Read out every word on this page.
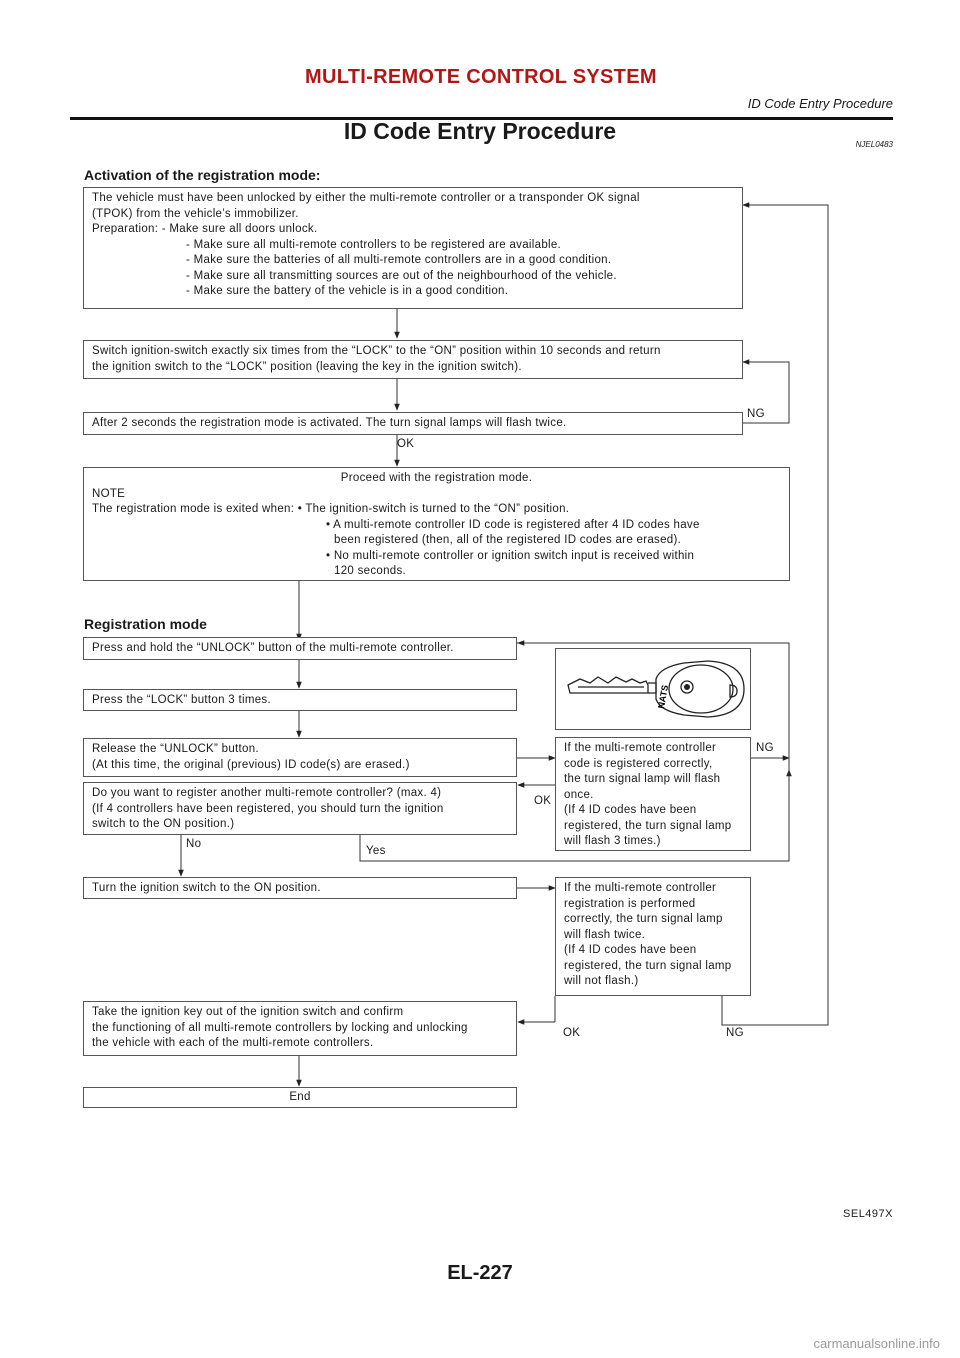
MULTI-REMOTE CONTROL SYSTEM
ID Code Entry Procedure
ID Code Entry Procedure
NJEL0483
Activation of the registration mode:

The vehicle must have been unlocked by either the multi-remote controller or a transponder OK signal

(TPOK) from the vehicle’s immobilizer.

Preparation: - Make sure all doors unlock.

- Make sure all multi-remote controllers to be registered are available.

- Make sure the batteries of all multi-remote controllers are in a good condition.

- Make sure all transmitting sources are out of the neighbourhood of the vehicle.

- Make sure the battery of the vehicle is in a good condition.

Switch ignition-switch exactly six times from the “LOCK” to the “ON” position within 10 seconds and return

the ignition switch to the “LOCK” position (leaving the key in the ignition switch).

After 2 seconds the registration mode is activated. The turn signal lamps will flash twice.

NG
OK

Proceed with the registration mode.

NOTE

The registration mode is exited when: • The ignition-switch is turned to the “ON” position.

• A multi-remote controller ID code is registered after 4 ID codes have

been registered (then, all of the registered ID codes are erased).

• No multi-remote controller or ignition switch input is received within

120 seconds.

Registration mode

Press and hold the “UNLOCK” button of the multi-remote controller.

Press the “LOCK” button 3 times.

Release the “UNLOCK” button.

(At this time, the original (previous) ID code(s) are erased.)

Do you want to register another multi-remote controller? (max. 4)

(If 4 controllers have been registered, you should turn the ignition

switch to the ON position.)

No
Yes
OK
NG
NATS

If the multi-remote controller

code is registered correctly,

the turn signal lamp will flash

once.

(If 4 ID codes have been

registered, the turn signal lamp

will flash 3 times.)

Turn the ignition switch to the ON position.	If the multi-remote controller

registration is performed

correctly, the turn signal lamp

will flash twice.

(If 4 ID codes have been

registered, the turn signal lamp

will not flash.)

Take the ignition key out of the ignition switch and confirm

the functioning of all multi-remote controllers by locking and unlocking

the vehicle with each of the multi-remote controllers.

OK	NG

End

SEL497X
EL-227
carmanualsonline.info
